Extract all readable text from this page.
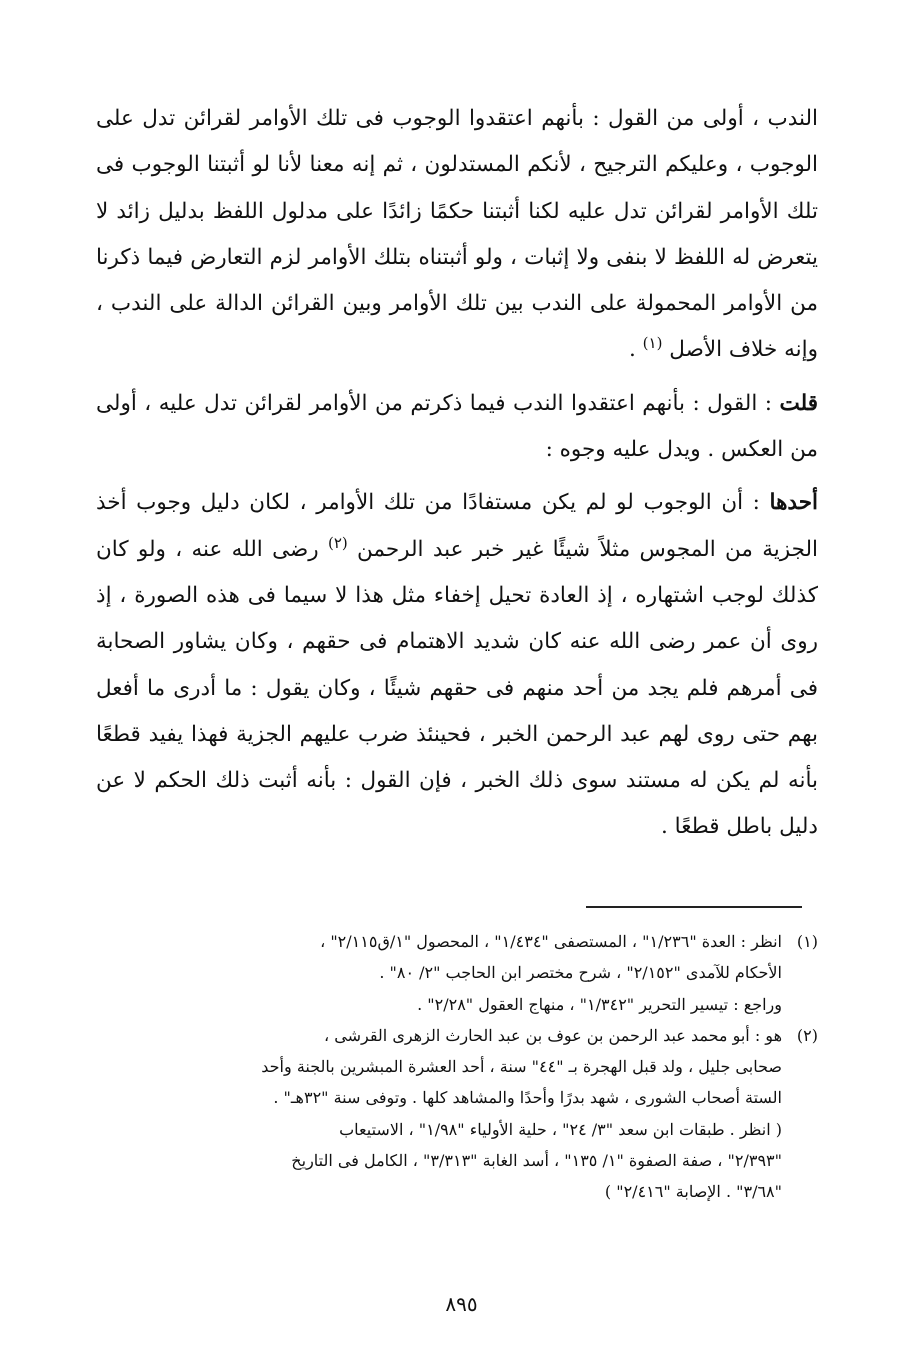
الندب ، أولى من القول : بأنهم اعتقدوا الوجوب فى تلك الأوامر لقرائن تدل على الوجوب ، وعليكم الترجيح ، لأنكم المستدلون ، ثم إنه معنا لأنا لو أثبتنا الوجوب فى تلك الأوامر لقرائن تدل عليه لكنا أثبتنا حكمًا زائدًا على مدلول اللفظ بدليل زائد لا يتعرض له اللفظ لا بنفى ولا إثبات ، ولو أثبتناه بتلك الأوامر لزم التعارض فيما ذكرنا من الأوامر المحمولة على الندب بين تلك الأوامر وبين القرائن الدالة على الندب ، وإنه خلاف الأصل $^{(١)}$ .

قلت : القول : بأنهم اعتقدوا الندب فيما ذكرتم من الأوامر لقرائن تدل عليه ، أولى من العكس . ويدل عليه وجوه :

أحدها : أن الوجوب لو لم يكن مستفادًا من تلك الأوامر ، لكان دليل وجوب أخذ الجزية من المجوس مثلاً شيئًا غير خبر عبد الرحمن $^{(٢)}$ رضى الله عنه ، ولو كان كذلك لوجب اشتهاره ، إذ العادة تحيل إخفاء مثل هذا لا سيما فى هذه الصورة ، إذ روى أن عمر رضى الله عنه كان شديد الاهتمام فى حقهم ، وكان يشاور الصحابة فى أمرهم فلم يجد من أحد منهم فى حقهم شيئًا ، وكان يقول : ما أدرى ما أفعل بهم حتى روى لهم عبد الرحمن الخبر ، فحينئذ ضرب عليهم الجزية فهذا يفيد قطعًا بأنه لم يكن له مستند سوى ذلك الخبر ، فإن القول : بأنه أثبت ذلك الحكم لا عن دليل باطل قطعًا .

(١)
انظر : العدة "١/٢٣٦" ، المستصفى "١/٤٣٤" ، المحصول "١/ق٢/١١٥" ،
الأحكام للآمدى "٢/١٥٢" ، شرح مختصر ابن الحاجب "٢/ ٨٠" .
وراجع : تيسير التحرير "١/٣٤٢" ، منهاج العقول "٢/٢٨" .
(٢)
هو : أبو محمد عبد الرحمن بن عوف بن عبد الحارث الزهرى القرشى ،
صحابى جليل ، ولد قبل الهجرة بـ "٤٤" سنة ، أحد العشرة المبشرين بالجنة وأحد
الستة أصحاب الشورى ، شهد بدرًا وأحدًا والمشاهد كلها . وتوفى سنة "٣٢هـ" .
( انظر . طبقات ابن سعد "٣/ ٢٤" ، حلية الأولياء "١/٩٨" ، الاستيعاب
"٢/٣٩٣" ، صفة الصفوة "١/ ١٣٥" ، أسد الغابة "٣/٣١٣" ، الكامل فى التاريخ
"٣/٦٨" . الإصابة "٢/٤١٦" )
٨٩٥
